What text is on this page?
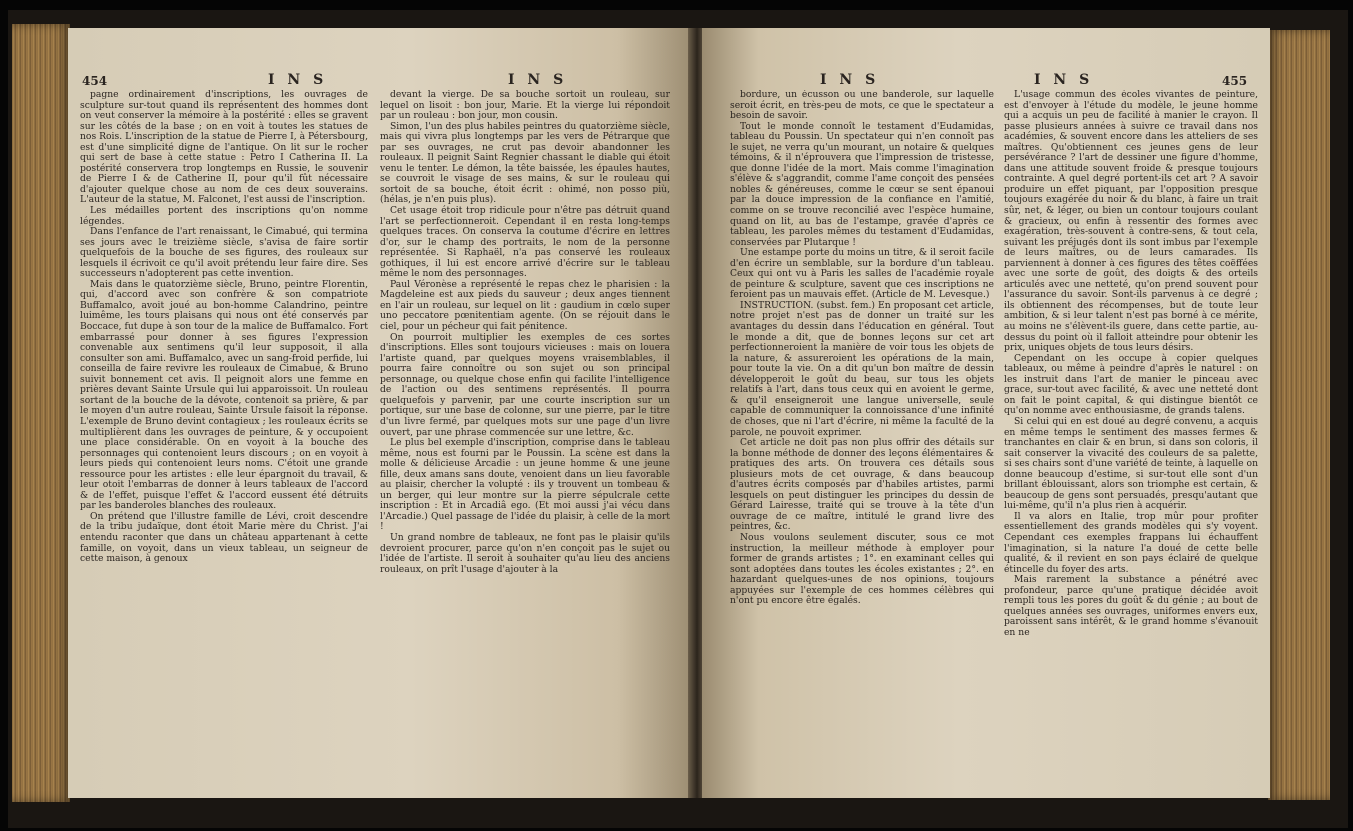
454	I N S	I N S

pagne ordinairement d'inscriptions, les ouvrages de sculpture sur-tout quand ils représentent des hommes dont on veut conserver la mémoire à la postérité : elles se gravent sur les côtés de la base ; on en voit à toutes les statues de nos Rois. L'inscription de la statue de Pierre I, à Pétersbourg, est d'une simplicité digne de l'antique. On lit sur le rocher qui sert de base à cette statue : Petro I Catherina II. La postérité conservera trop longtemps en Russie, le souvenir de Pierre I & de Catherine II, pour qu'il fût nécessaire d'ajouter quelque chose au nom de ces deux souverains. L'auteur de la statue, M. Falconet, l'est aussi de l'inscription.

Les médailles portent des inscriptions qu'on nomme légendes.

Dans l'enfance de l'art renaissant, le Cimabué, qui termina ses jours avec le treizième siècle, s'avisa de faire sortir quelquefois de la bouche de ses figures, des rouleaux sur lesquels il écrivoit ce qu'il avoit prétendu leur faire dire. Ses successeurs n'adopterent pas cette invention.

Mais dans le quatorzième siècle, Bruno, peintre Florentin, qui, d'accord avec son confrère & son compatriote Buffamalco, avoit joué au bon-homme Calandrino, peintre luimême, les tours plaisans qui nous ont été conservés par Boccace, fut dupe à son tour de la malice de Buffamalco. Fort embarrassé pour donner à ses figures l'expression convenable aux sentimens qu'il leur supposoit, il alla consulter son ami. Buffamalco, avec un sang-froid perfide, lui conseilla de faire revivre les rouleaux de Cimabué, & Bruno suivit bonnement cet avis. Il peignoit alors une femme en prières devant Sainte Ursule qui lui apparoissoit. Un rouleau sortant de la bouche de la dévote, contenoit sa prière, & par le moyen d'un autre rouleau, Sainte Ursule faisoit la réponse. L'exemple de Bruno devint contagieux ; les rouleaux écrits se multiplièrent dans les ouvrages de peinture, & y occupoient une place considérable. On en voyoit à la bouche des personnages qui contenoient leurs discours ; on en voyoit à leurs pieds qui contenoient leurs noms. C'étoit une grande ressource pour les artistes : elle leur épargnoit du travail, & leur otoit l'embarras de donner à leurs tableaux de l'accord & de l'effet, puisque l'effet & l'accord eussent été détruits par les banderoles blanches des rouleaux.

On prétend que l'illustre famille de Lévi, croit descendre de la tribu judaïque, dont étoit Marie mère du Christ. J'ai entendu raconter que dans un château appartenant à cette famille, on voyoit, dans un vieux tableau, un seigneur de cette maison, à genoux

devant la vierge. De sa bouche sortoit un rouleau, sur lequel on lisoit : bon jour, Marie. Et la vierge lui répondoit par un rouleau : bon jour, mon cousin.

Simon, l'un des plus habiles peintres du quatorzième siècle, mais qui vivra plus longtemps par les vers de Pétrarque que par ses ouvrages, ne crut pas devoir abandonner les rouleaux. Il peignit Saint Regnier chassant le diable qui étoit venu le tenter. Le démon, la tête baissée, les épaules hautes, se couvroit le visage de ses mains, & sur le rouleau qui sortoit de sa bouche, étoit écrit : ohimé, non posso più, (hélas, je n'en puis plus).

Cet usage étoit trop ridicule pour n'être pas détruit quand l'art se perfectionneroit. Cependant il en resta long-temps quelques traces. On conserva la coutume d'écrire en lettres d'or, sur le champ des portraits, le nom de la personne représentée. Si Raphaël, n'a pas conservé les rouleaux gothiques, il lui est encore arrivé d'écrire sur le tableau même le nom des personnages.

Paul Véronèse a représenté le repas chez le pharisien : la Magdeleine est aux pieds du sauveur ; deux anges tiennent en l'air un rouleau, sur lequel on lit : gaudium in cœlo super uno peccatore pœnitentiam agente. (On se réjouit dans le ciel, pour un pécheur qui fait pénitence.

On pourroit multiplier les exemples de ces sortes d'inscriptions. Elles sont toujours vicieuses : mais on louera l'artiste quand, par quelques moyens vraisemblables, il pourra faire connoître ou son sujet ou son principal personnage, ou quelque chose enfin qui facilite l'intelligence de l'action ou des sentimens représentés. Il pourra quelquefois y parvenir, par une courte inscription sur un portique, sur une base de colonne, sur une pierre, par le titre d'un livre fermé, par quelques mots sur une page d'un livre ouvert, par une phrase commencée sur une lettre, &c.

Le plus bel exemple d'inscription, comprise dans le tableau même, nous est fourni par le Poussin. La scène est dans la molle & délicieuse Arcadie : un jeune homme & une jeune fille, deux amans sans doute, venoient dans un lieu favorable au plaisir, chercher la volupté : ils y trouvent un tombeau & un berger, qui leur montre sur la pierre sépulcrale cette inscription : Et in Arcadiâ ego. (Et moi aussi j'ai vécu dans l'Arcadie.) Quel passage de l'idée du plaisir, à celle de la mort !

Un grand nombre de tableaux, ne font pas le plaisir qu'ils devroient procurer, parce qu'on n'en conçoit pas le sujet ou l'idée de l'artiste. Il seroit à souhaiter qu'au lieu des anciens rouleaux, on prît l'usage d'ajouter à la

I N S	I N S	455

bordure, un écusson ou une banderole, sur laquelle seroit écrit, en très-peu de mots, ce que le spectateur a besoin de savoir.

Tout le monde connoît le testament d'Eudamidas, tableau du Poussin. Un spectateur qui n'en connoît pas le sujet, ne verra qu'un mourant, un notaire & quelques témoins, & il n'éprouvera que l'impression de tristesse, que donne l'idée de la mort. Mais comme l'imagination s'élève & s'aggrandit, comme l'ame conçoit des pensées nobles & généreuses, comme le cœur se sent épanoui par la douce impression de la confiance en l'amitié, comme on se trouve reconcilié avec l'espèce humaine, quand on lit, au bas de l'estampe, gravée d'après ce tableau, les paroles mêmes du testament d'Eudamidas, conservées par Plutarque !

Une estampe porte du moins un titre, & il seroit facile d'en écrire un semblable, sur la bordure d'un tableau. Ceux qui ont vu à Paris les salles de l'académie royale de peinture & sculpture, savent que ces inscriptions ne feroient pas un mauvais effet. (Article de M. Levesque.)

INSTRUCTION. (subst. fem.) En proposant cet article, notre projet n'est pas de donner un traité sur les avantages du dessin dans l'éducation en général. Tout le monde a dit, que de bonnes leçons sur cet art perfectionneroient la manière de voir tous les objets de la nature, & assureroient les opérations de la main, pour toute la vie. On a dit qu'un bon maître de dessin développeroit le goût du beau, sur tous les objets relatifs à l'art, dans tous ceux qui en avoient le germe, & qu'il enseigneroit une langue universelle, seule capable de communiquer la connoissance d'une infinité de choses, que ni l'art d'écrire, ni même la faculté de la parole, ne pouvoit exprimer.

Cet article ne doit pas non plus offrir des détails sur la bonne méthode de donner des leçons élémentaires & pratiques des arts. On trouvera ces détails sous plusieurs mots de cet ouvrage, & dans beaucoup d'autres écrits composés par d'habiles artistes, parmi lesquels on peut distinguer les principes du dessin de Gérard Lairesse, traité qui se trouve à la tête d'un ouvrage de ce maître, intitulé le grand livre des peintres, &c.

Nous voulons seulement discuter, sous ce mot instruction, la meilleur méthode à employer pour former de grands artistes ; 1°. en examinant celles qui sont adoptées dans toutes les écoles existantes ; 2°. en hazardant quelques-unes de nos opinions, toujours appuyées sur l'exemple de ces hommes célèbres qui n'ont pu encore être égalés.

L'usage commun des écoles vivantes de peinture, est d'envoyer à l'étude du modèle, le jeune homme qui a acquis un peu de facilité à manier le crayon. Il passe plusieurs années à suivre ce travail dans nos académies, & souvent encore dans les atteliers de ses maîtres. Qu'obtiennent ces jeunes gens de leur persévérance ? l'art de dessiner une figure d'homme, dans une attitude souvent froide & presque toujours contrainte. A quel degré portent-ils cet art ? A savoir produire un effet piquant, par l'opposition presque toujours exagérée du noir & du blanc, à faire un trait sûr, net, & léger, ou bien un contour toujours coulant & gracieux, ou enfin à ressentir des formes avec exagération, très-souvent à contre-sens, & tout cela, suivant les préjugés dont ils sont imbus par l'exemple de leurs maîtres, ou de leurs camarades. Ils parviennent à donner à ces figures des têtes coëffées avec une sorte de goût, des doigts & des orteils articulés avec une netteté, qu'on prend souvent pour l'assurance du savoir. Sont-ils parvenus à ce degré ; ils obtiennent des récompenses, but de toute leur ambition, & si leur talent n'est pas borné à ce mérite, au moins ne s'élèvent-ils guere, dans cette partie, au-dessus du point où il falloit atteindre pour obtenir les prix, uniques objets de tous leurs désirs.

Cependant on les occupe à copier quelques tableaux, ou même à peindre d'après le naturel : on les instruit dans l'art de manier le pinceau avec grace, sur-tout avec facilité, & avec une netteté dont on fait le point capital, & qui distingue bientôt ce qu'on nomme avec enthousiasme, de grands talens.

Si celui qui en est doué au degré convenu, a acquis en même temps le sentiment des masses fermes & tranchantes en clair & en brun, si dans son coloris, il sait conserver la vivacité des couleurs de sa palette, si ses chairs sont d'une variété de teinte, à laquelle on donne beaucoup d'estime, si sur-tout elle sont d'un brillant éblouissant, alors son triomphe est certain, & beaucoup de gens sont persuadés, presqu'autant que lui-même, qu'il n'a plus rien à acquérir.

Il va alors en Italie, trop mûr pour profiter essentiellement des grands modèles qui s'y voyent. Cependant ces exemples frappans lui échauffent l'imagination, si la nature l'a doué de cette belle qualité, & il revient en son pays éclairé de quelque étincelle du foyer des arts.

Mais rarement la substance a pénétré avec profondeur, parce qu'une pratique décidée avoit rempli tous les pores du goût & du génie ; au bout de quelques années ses ouvrages, uniformes envers eux, paroissent sans intérêt, & le grand homme s'évanouit en ne
